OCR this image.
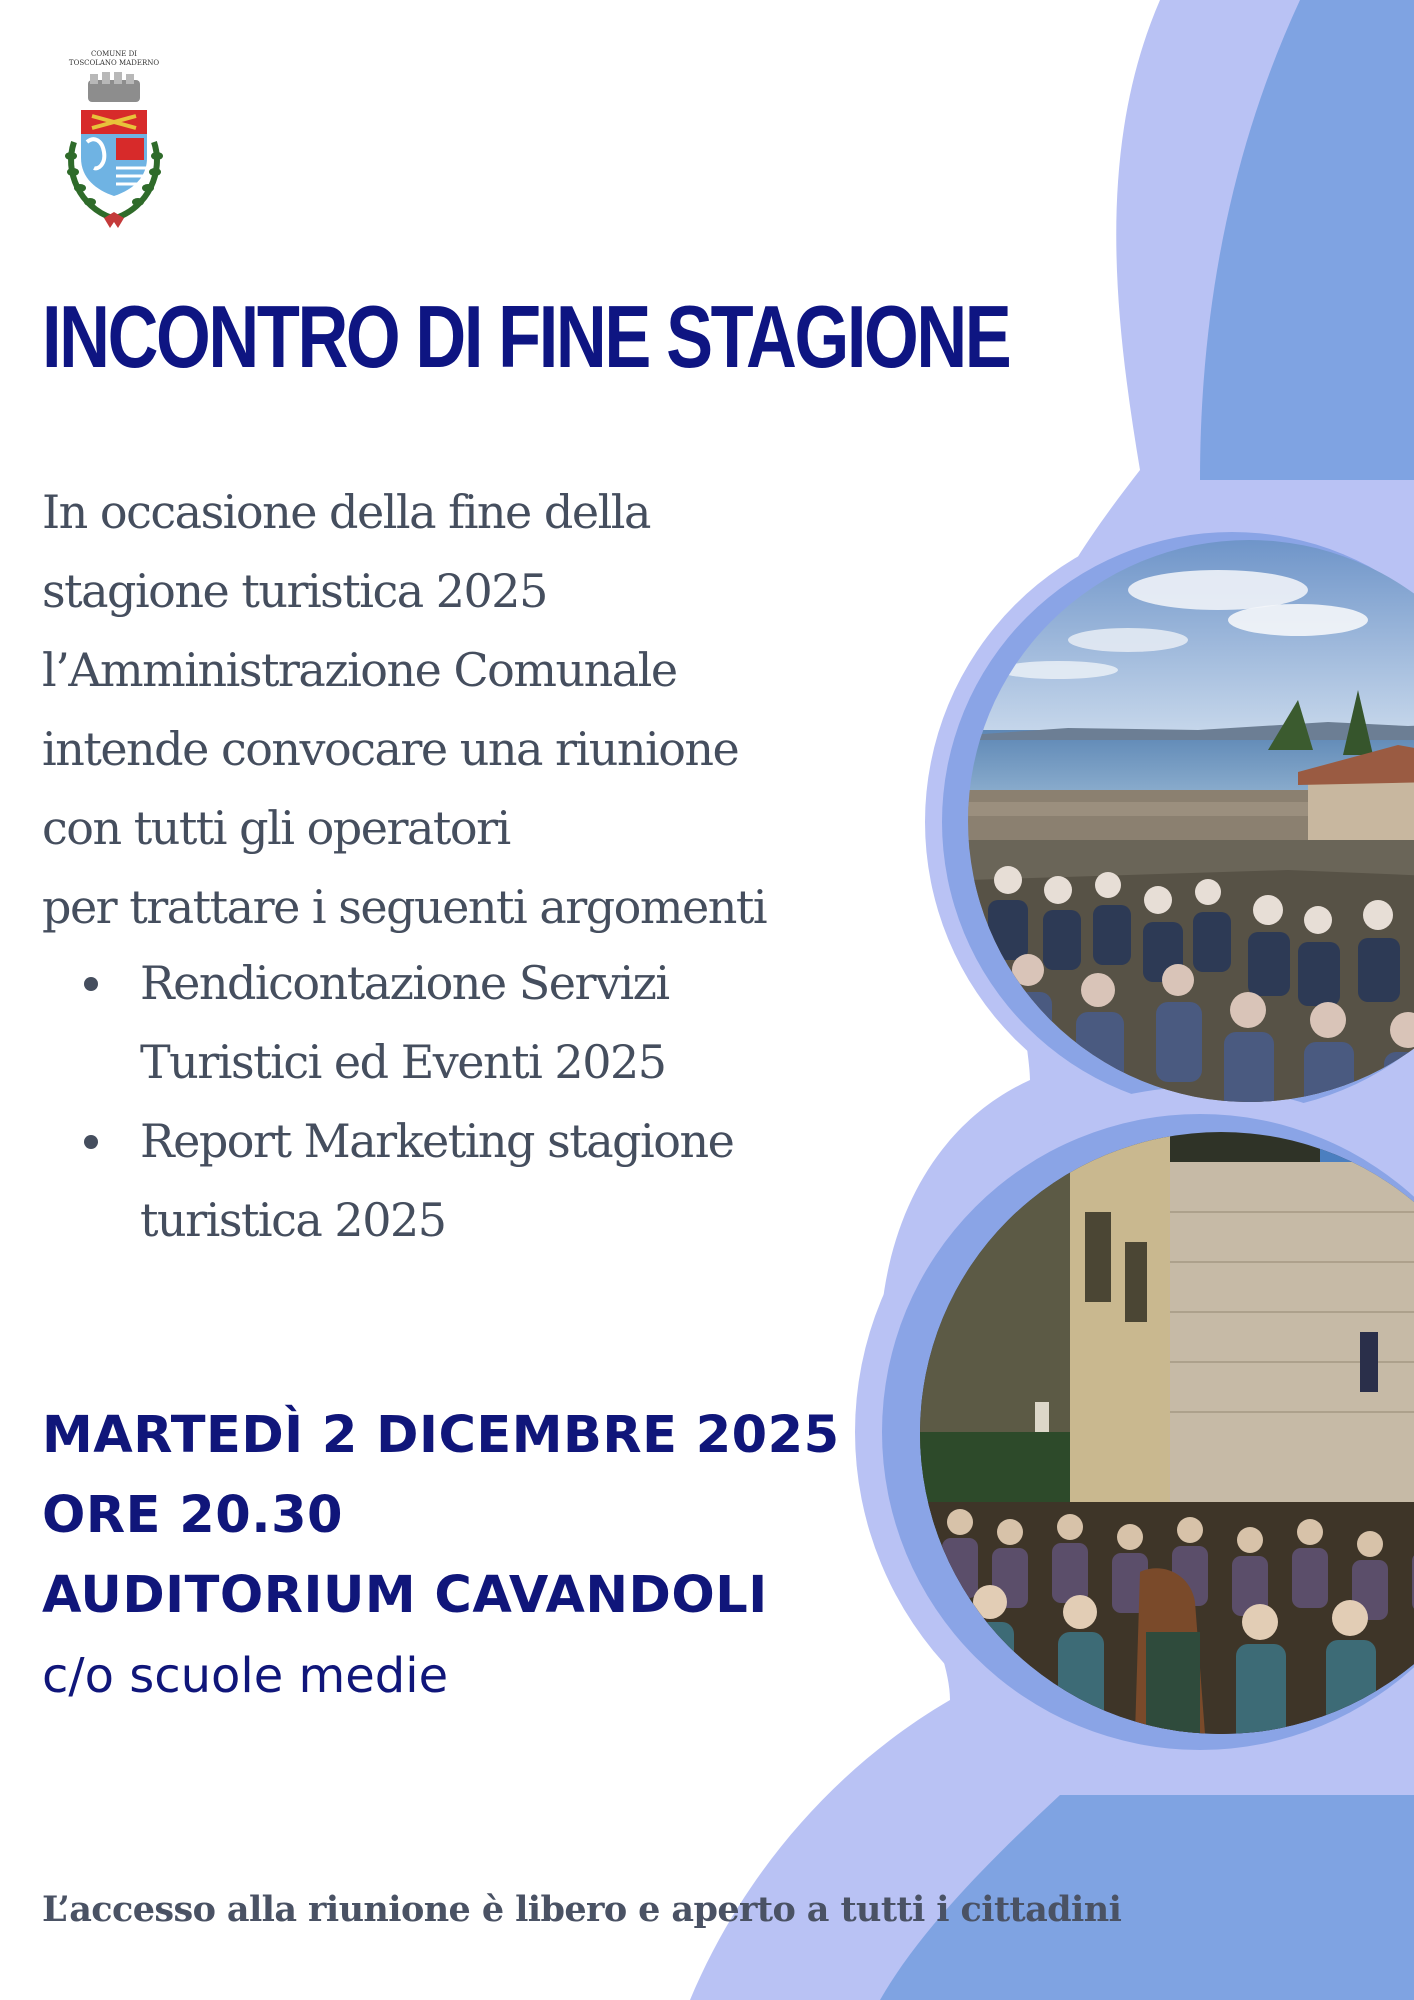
COMUNE DI
TOSCOLANO MADERNO
INCONTRO DI FINE STAGIONE
In occasione della fine della
stagione turistica 2025
l’Amministrazione Comunale
intende convocare una riunione
con tutti gli operatori
per trattare i seguenti argomenti
Rendicontazione Servizi
Turistici ed Eventi 2025
Report Marketing stagione
turistica 2025
MARTEDÌ 2 DICEMBRE 2025
ORE 20.30
AUDITORIUM CAVANDOLI
c/o scuole medie
L’accesso alla riunione è libero e aperto a tutti i cittadini
